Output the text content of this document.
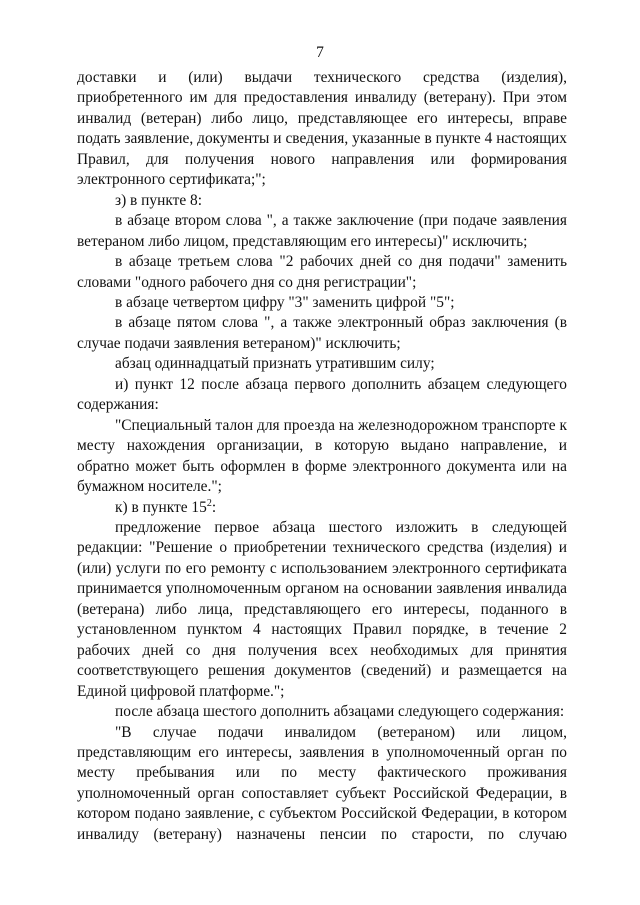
7

доставки и (или) выдачи технического средства (изделия), приобретенного им для предоставления инвалиду (ветерану). При этом инвалид (ветеран) либо лицо, представляющее его интересы, вправе подать заявление, документы и сведения, указанные в пункте 4 настоящих Правил, для получения нового направления или формирования электронного сертификата;";

з) в пункте 8:

в абзаце втором слова ", а также заключение (при подаче заявления ветераном либо лицом, представляющим его интересы)" исключить;

в абзаце третьем слова "2 рабочих дней со дня подачи" заменить словами "одного рабочего дня со дня регистрации";

в абзаце четвертом цифру "3" заменить цифрой "5";

в абзаце пятом слова ", а также электронный образ заключения (в случае подачи заявления ветераном)" исключить;

абзац одиннадцатый признать утратившим силу;

и) пункт 12 после абзаца первого дополнить абзацем следующего содержания:

"Специальный талон для проезда на железнодорожном транспорте к месту нахождения организации, в которую выдано направление, и обратно может быть оформлен в форме электронного документа или на бумажном носителе.";

к) в пункте $15^2$:

предложение первое абзаца шестого изложить в следующей редакции: "Решение о приобретении технического средства (изделия) и (или) услуги по его ремонту с использованием электронного сертификата принимается уполномоченным органом на основании заявления инвалида (ветерана) либо лица, представляющего его интересы, поданного в установленном пунктом 4 настоящих Правил порядке, в течение 2 рабочих дней со дня получения всех необходимых для принятия соответствующего решения документов (сведений) и размещается на Единой цифровой платформе.";

после абзаца шестого дополнить абзацами следующего содержания:

"В случае подачи инвалидом (ветераном) или лицом, представляющим его интересы, заявления в уполномоченный орган по месту пребывания или по месту фактического проживания уполномоченный орган сопоставляет субъект Российской Федерации, в котором подано заявление, с субъектом Российской Федерации, в котором инвалиду (ветерану) назначены пенсии по старости, по случаю
